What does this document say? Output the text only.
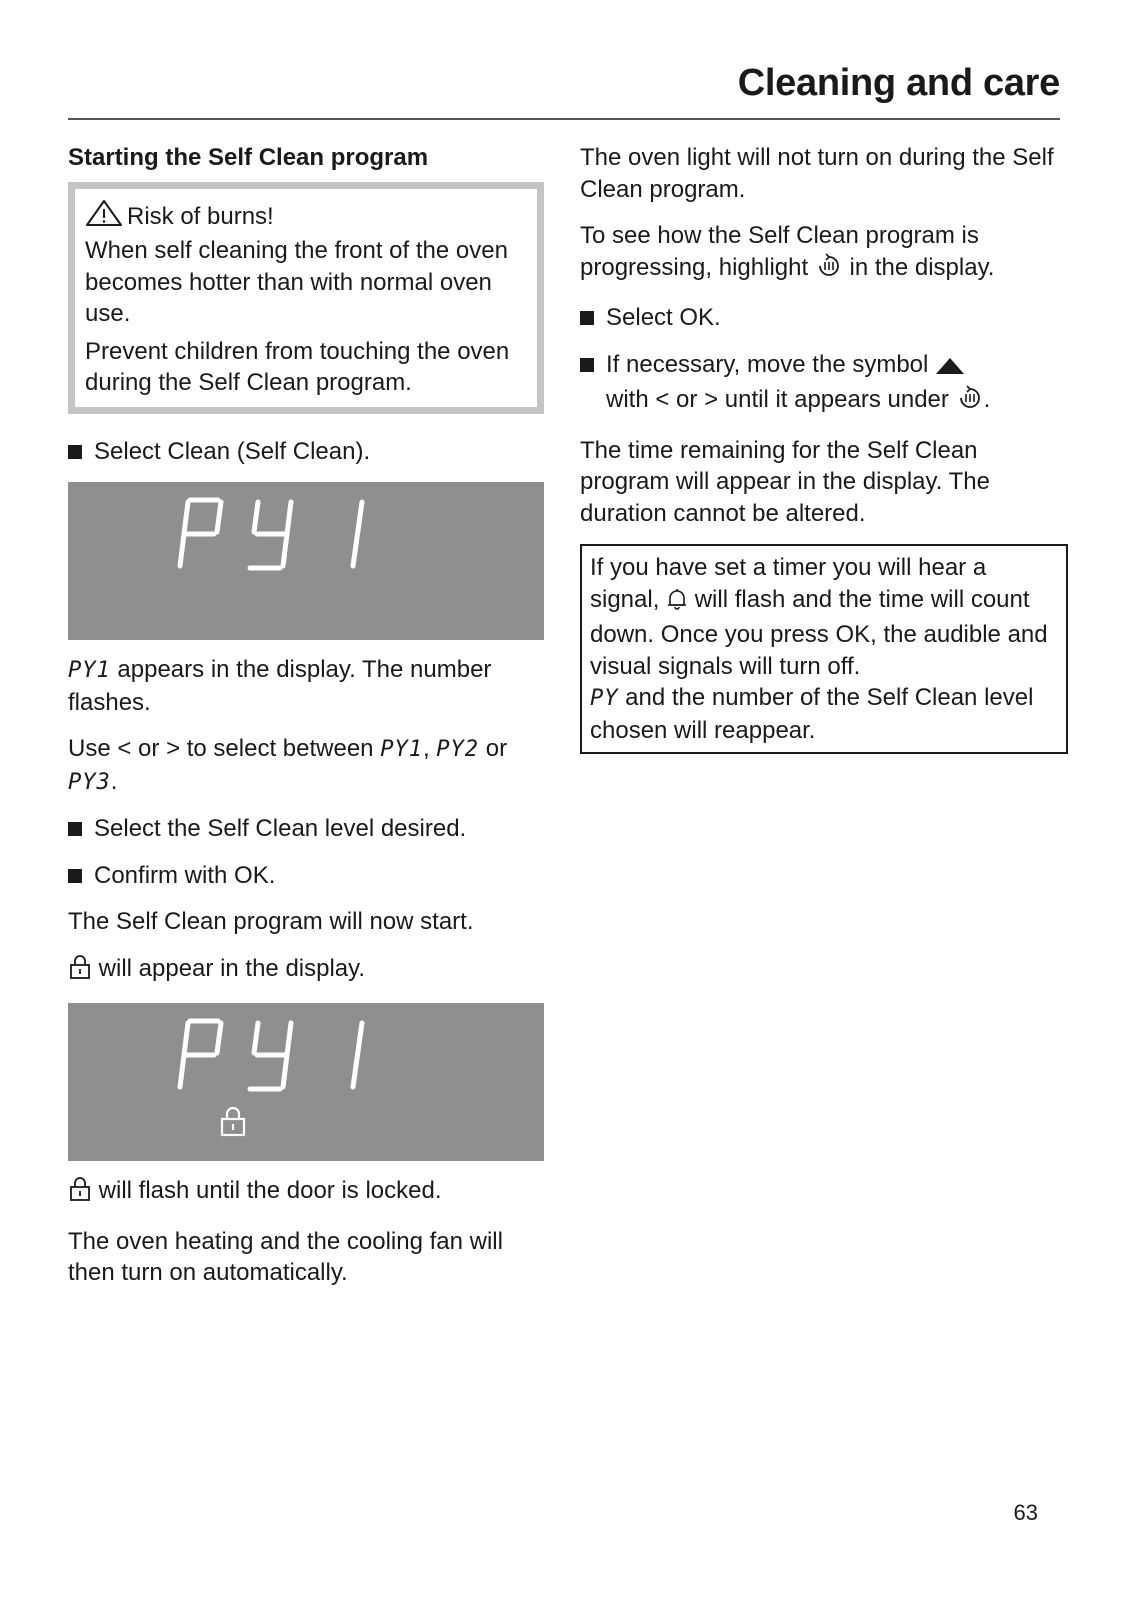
Cleaning and care
Starting the Self Clean program
Risk of burns!
When self cleaning the front of the oven becomes hotter than with normal oven use.
Prevent children from touching the oven during the Self Clean program.
Select Clean (Self Clean).

PY1 appears in the display. The number flashes.

Use < or > to select between PY1, PY2 or PY3.

Select the Self Clean level desired.
Confirm with OK.

The Self Clean program will now start.

will appear in the display.

will flash until the door is locked.

The oven heating and the cooling fan will then turn on automatically.

The oven light will not turn on during the Self Clean program.

To see how the Self Clean program is progressing, highlight  in the display.

Select OK.
If necessary, move the symbol
with < or > until it appears under .

The time remaining for the Self Clean program will appear in the display. The duration cannot be altered.

If you have set a timer you will hear a signal,  will flash and the time will count down. Once you press OK, the audible and visual signals will turn off.
PY and the number of the Self Clean level chosen will reappear.

63
